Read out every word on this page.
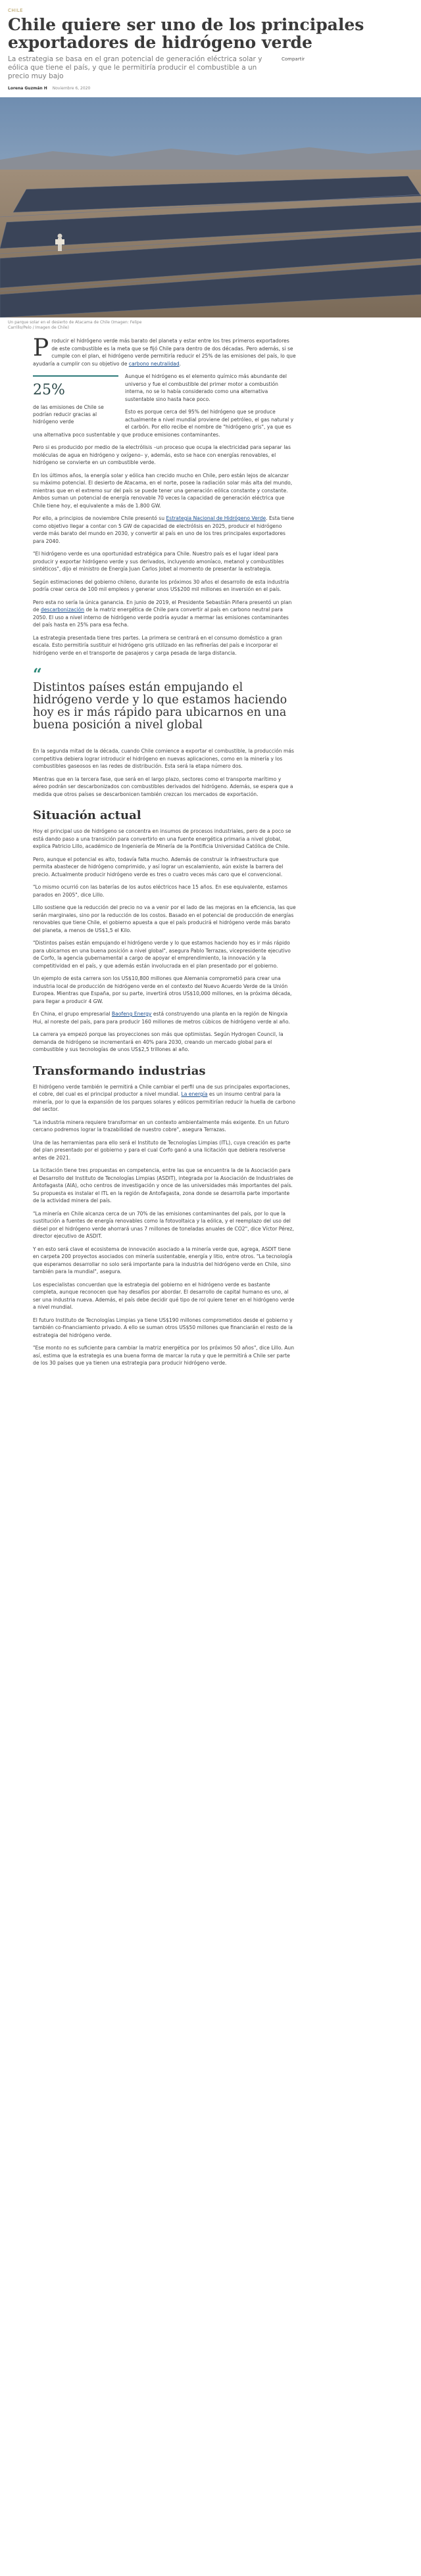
CHILE
Chile quiere ser uno de los principales exportadores de hidrógeno verde
La estrategia se basa en el gran potencial de generación eléctrica solar y eólica que tiene el país, y que le permitiría producir el combustible a un precio muy bajo
Compartir
Lorena Guzmán H Noviembre 6, 2020
Un parque solar en el desierto de Atacama de Chile (Imagen: Felipe Carrillo/Pelo / Imagen de Chile)
P roducir el hidrógeno verde más barato del planeta y estar entre los tres primeros exportadores de este combustible es la meta que se fijó Chile para dentro de dos décadas. Pero además, si se cumple con el plan, el hidrógeno verde permitiría reducir el 25% de las emisiones del país, lo que ayudaría a cumplir con su objetivo de carbono neutralidad.

25%
de las emisiones de Chile se podrían reducir gracias al hidrógeno verde

Aunque el hidrógeno es el elemento químico más abundante del universo y fue el combustible del primer motor a combustión interna, no se lo había considerado como una alternativa sustentable sino hasta hace poco.

Esto es porque cerca del 95% del hidrógeno que se produce actualmente a nivel mundial proviene del petróleo, el gas natural y el carbón. Por ello recibe el nombre de "hidrógeno gris", ya que es una alternativa poco sustentable y que produce emisiones contaminantes.

Pero si es producido por medio de la electrólisis –un proceso que ocupa la electricidad para separar las moléculas de agua en hidrógeno y oxígeno– y, además, esto se hace con energías renovables, el hidrógeno se convierte en un combustible verde.

En los últimos años, la energía solar y eólica han crecido mucho en Chile, pero están lejos de alcanzar su máximo potencial. El desierto de Atacama, en el norte, posee la radiación solar más alta del mundo, mientras que en el extremo sur del país se puede tener una generación eólica constante y constante. Ambos suman un potencial de energía renovable 70 veces la capacidad de generación eléctrica que Chile tiene hoy, el equivalente a más de 1.800 GW.

Por ello, a principios de noviembre Chile presentó su Estrategia Nacional de Hidrógeno Verde. Esta tiene como objetivo llegar a contar con 5 GW de capacidad de electrólisis en 2025, producir el hidrógeno verde más barato del mundo en 2030, y convertir al país en uno de los tres principales exportadores para 2040.

"El hidrógeno verde es una oportunidad estratégica para Chile. Nuestro país es el lugar ideal para producir y exportar hidrógeno verde y sus derivados, incluyendo amoníaco, metanol y combustibles sintéticos", dijo el ministro de Energía Juan Carlos Jobet al momento de presentar la estrategia.

Según estimaciones del gobierno chileno, durante los próximos 30 años el desarrollo de esta industria podría crear cerca de 100 mil empleos y generar unos US$200 mil millones en inversión en el país.

Pero esta no sería la única ganancia. En junio de 2019, el Presidente Sebastián Piñera presentó un plan de descarbonización de la matriz energética de Chile para convertir al país en carbono neutral para 2050. El uso a nivel interno de hidrógeno verde podría ayudar a mermar las emisiones contaminantes del país hasta en 25% para esa fecha.

La estrategia presentada tiene tres partes. La primera se centrará en el consumo doméstico a gran escala. Esto permitiría sustituir el hidrógeno gris utilizado en las refinerías del país e incorporar el hidrógeno verde en el transporte de pasajeros y carga pesada de larga distancia.

“
Distintos países están empujando el hidrógeno verde y lo que estamos haciendo hoy es ir más rápido para ubicarnos en una buena posición a nivel global

En la segunda mitad de la década, cuando Chile comience a exportar el combustible, la producción más competitiva debiera lograr introducir el hidrógeno en nuevas aplicaciones, como en la minería y los combustibles gaseosos en las redes de distribución. Esta será la etapa número dos.

Mientras que en la tercera fase, que será en el largo plazo, sectores como el transporte marítimo y aéreo podrán ser descarbonizados con combustibles derivados del hidrógeno. Además, se espera que a medida que otros países se descarbonicen también crezcan los mercados de exportación.

Situación actual

Hoy el principal uso de hidrógeno se concentra en insumos de procesos industriales, pero de a poco se está dando paso a una transición para convertirlo en una fuente energética primaria a nivel global, explica Patricio Lillo, académico de Ingeniería de Minería de la Pontificia Universidad Católica de Chile.

Pero, aunque el potencial es alto, todavía falta mucho. Además de construir la infraestructura que permita abastecer de hidrógeno comprimido, y así lograr un escalamiento, aún existe la barrera del precio. Actualmente producir hidrógeno verde es tres o cuatro veces más caro que el convencional.

"Lo mismo ocurrió con las baterías de los autos eléctricos hace 15 años. En ese equivalente, estamos parados en 2005", dice Lillo.

Lillo sostiene que la reducción del precio no va a venir por el lado de las mejoras en la eficiencia, las que serán marginales, sino por la reducción de los costos. Basado en el potencial de producción de energías renovables que tiene Chile, el gobierno apuesta a que el país producirá el hidrógeno verde más barato del planeta, a menos de US$1,5 el Kilo.

"Distintos países están empujando el hidrógeno verde y lo que estamos haciendo hoy es ir más rápido para ubicarnos en una buena posición a nivel global", asegura Pablo Terrazas, vicepresidente ejecutivo de Corfo, la agencia gubernamental a cargo de apoyar el emprendimiento, la innovación y la competitividad en el país, y que además están involucrada en el plan presentado por el gobierno.

Un ejemplo de esta carrera son los US$10,800 millones que Alemania comprometió para crear una industria local de producción de hidrógeno verde en el contexto del Nuevo Acuerdo Verde de la Unión Europea. Mientras que España, por su parte, invertirá otros US$10,000 millones, en la próxima década, para llegar a producir 4 GW.

En China, el grupo empresarial Baofeng Energy está construyendo una planta en la región de Ningxia Hui, al noreste del país, para para producir 160 millones de metros cúbicos de hidrógeno verde al año.

La carrera ya empezó porque las proyecciones son más que optimistas. Según Hydrogen Council, la demanda de hidrógeno se incrementará en 40% para 2030, creando un mercado global para el combustible y sus tecnologías de unos US$2,5 trillones al año.

Transformando industrias

El hidrógeno verde también le permitirá a Chile cambiar el perfil una de sus principales exportaciones, el cobre, del cual es el principal productor a nivel mundial. La energía es un insumo central para la minería, por lo que la expansión de los parques solares y eólicos permitirían reducir la huella de carbono del sector.

"La industria minera requiere transformar en un contexto ambientalmente más exigente. En un futuro cercano podremos lograr la trazabilidad de nuestro cobre", asegura Terrazas.

Una de las herramientas para ello será el Instituto de Tecnologías Limpias (ITL), cuya creación es parte del plan presentado por el gobierno y para el cual Corfo ganó a una licitación que debiera resolverse antes de 2021.

La licitación tiene tres propuestas en competencia, entre las que se encuentra la de la Asociación para el Desarrollo del Instituto de Tecnologías Limpias (ASDIT), integrada por la Asociación de Industriales de Antofagasta (AIA), ocho centros de investigación y once de las universidades más importantes del país. Su propuesta es instalar el ITL en la región de Antofagasta, zona donde se desarrolla parte importante de la actividad minera del país.

"La minería en Chile alcanza cerca de un 70% de las emisiones contaminantes del país, por lo que la sustitución a fuentes de energía renovables como la fotovoltaica y la eólica, y el reemplazo del uso del diésel por el hidrógeno verde ahorrará unas 7 millones de toneladas anuales de CO2", dice Víctor Pérez, director ejecutivo de ASDIT.

Y en esto será clave el ecosistema de innovación asociado a la minería verde que, agrega, ASDIT tiene en carpeta 200 proyectos asociados con minería sustentable, energía y litio, entre otros. "La tecnología que esperamos desarrollar no solo será importante para la industria del hidrógeno verde en Chile, sino también para la mundial", asegura.

Los especialistas concuerdan que la estrategia del gobierno en el hidrógeno verde es bastante completa, aunque reconocen que hay desafíos por abordar. El desarrollo de capital humano es uno, al ser una industria nueva. Además, el país debe decidir qué tipo de rol quiere tener en el hidrógeno verde a nivel mundial.

El futuro Instituto de Tecnologías Limpias ya tiene US$190 millones comprometidos desde el gobierno y también co-financiamiento privado. A ello se suman otros US$50 millones que financiarán el resto de la estrategia del hidrógeno verde.

"Ese monto no es suficiente para cambiar la matriz energética por los próximos 50 años", dice Lillo. Aun así, estima que la estrategia es una buena forma de marcar la ruta y que le permitirá a Chile ser parte de los 30 países que ya tienen una estrategia para producir hidrógeno verde.
